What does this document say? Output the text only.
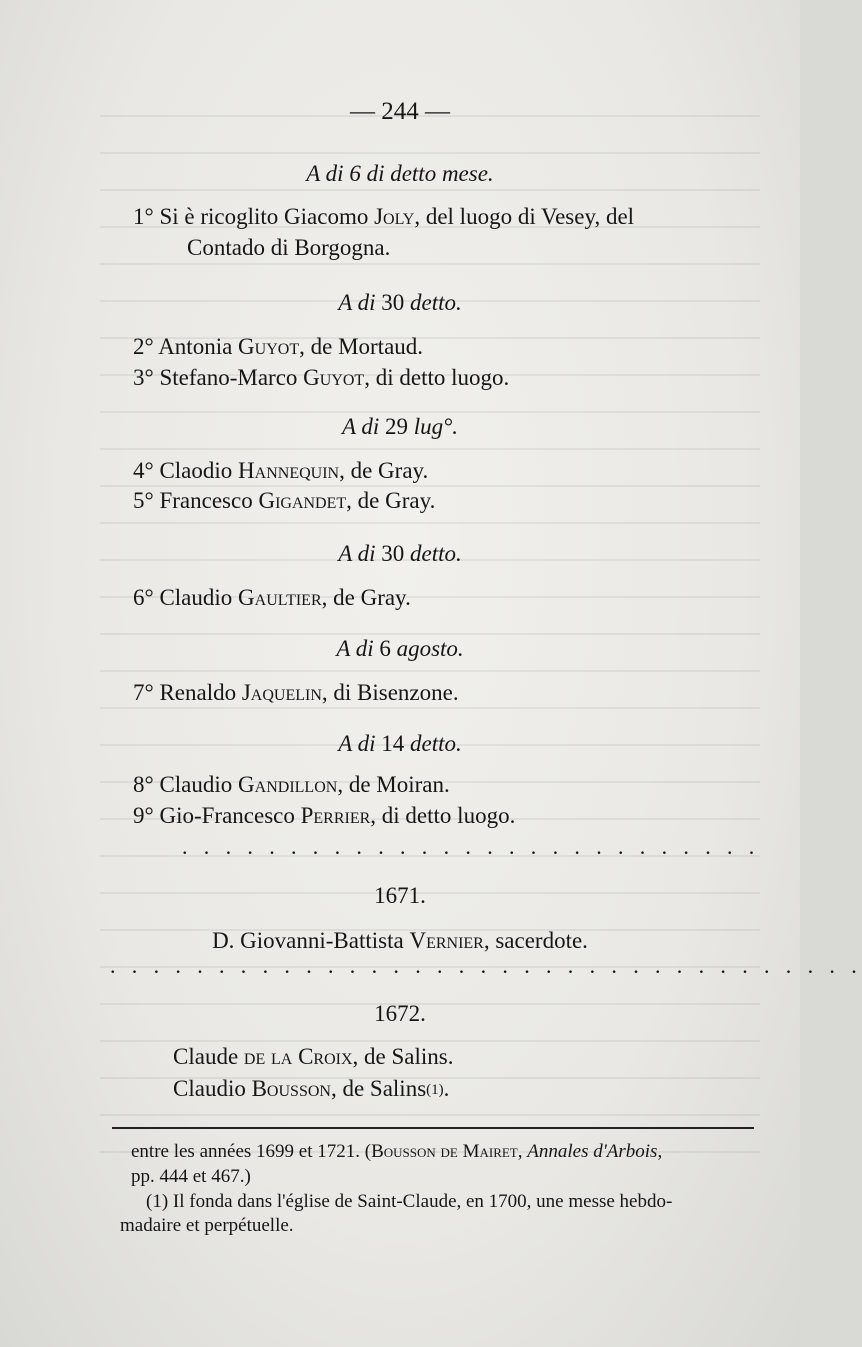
— 244 —
A di 6 di detto mese.
1° Si è ricoglito Giacomo Joly, del luogo di Vesey, del
Contado di Borgogna.
A di 30 detto.
2° Antonia Guyot, de Mortaud.
3° Stefano-Marco Guyot, di detto luogo.
A di 29 lug°.
4° Claodio Hannequin, de Gray.
5° Francesco Gigandet, de Gray.
A di 30 detto.
6° Claudio Gaultier, de Gray.
A di 6 agosto.
7° Renaldo Jaquelin, di Bisenzone.
A di 14 detto.
8° Claudio Gandillon, de Moiran.
9° Gio-Francesco Perrier, di detto luogo.
. . . . . . . . . . . . . . . . . . . . . . . . . . .
1671.
D. Giovanni-Battista Vernier, sacerdote.
. . . . . . . . . . . . . . . . . . . . . . . . . . . . . . . . . . .
1672.
Claude de la Croix, de Salins.
Claudio Bousson, de Salins$^{(1)}$.
entre les années 1699 et 1721. (Bousson de Mairet, Annales d'Arbois,
pp. 444 et 467.)
(1) Il fonda dans l'église de Saint-Claude, en 1700, une messe hebdo-
madaire et perpétuelle.
